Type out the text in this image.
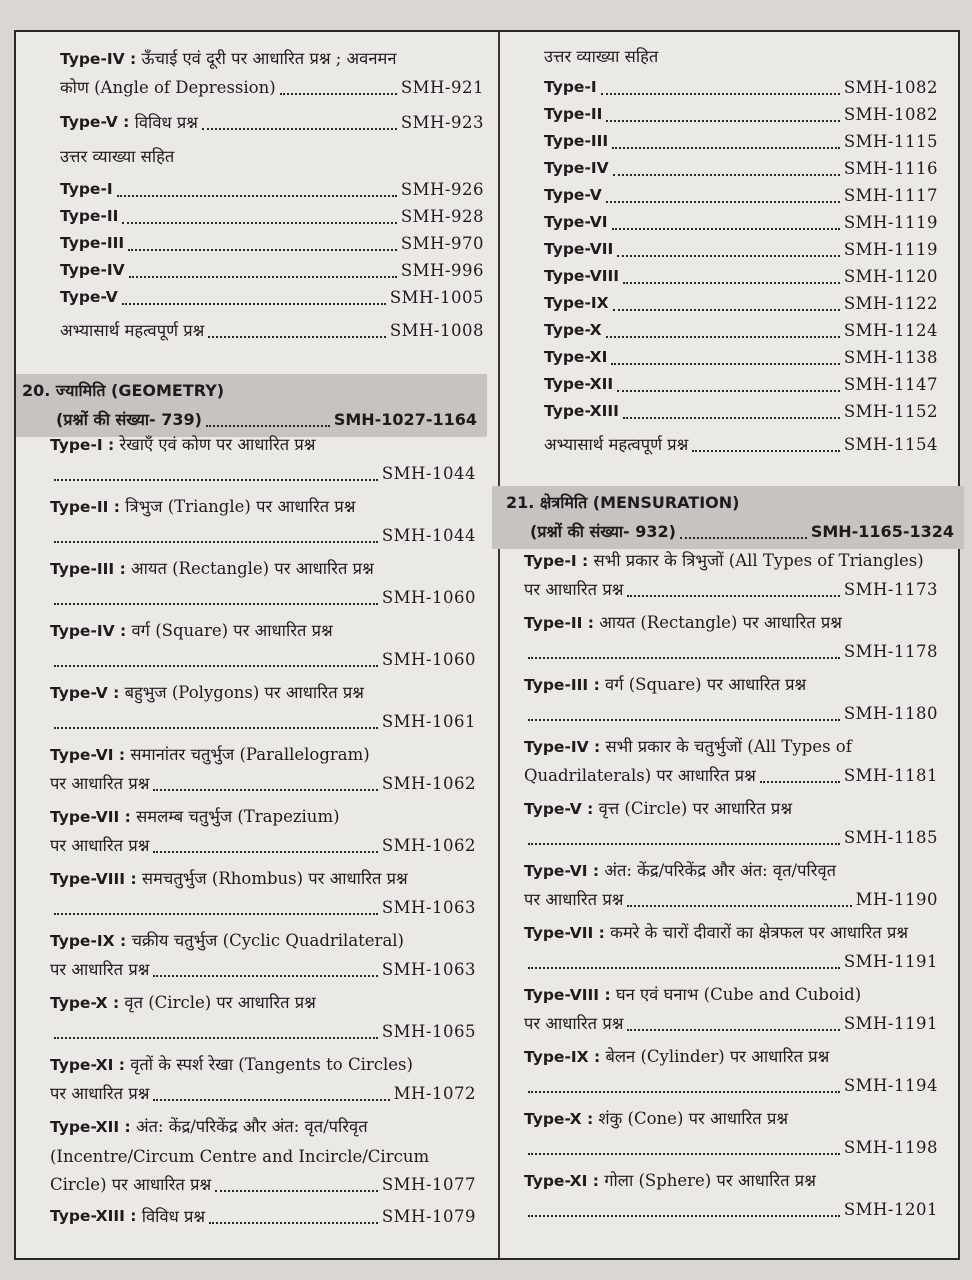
Type-IV : ऊँचाई एवं दूरी पर आधारित प्रश्न ; अवनमन
कोण (Angle of Depression)	SMH-921
Type-V :
विविध प्रश्न	SMH-923
उत्तर व्याख्या सहित
Type-I	SMH-926
Type-II	SMH-928
Type-III	SMH-970
Type-IV	SMH-996
Type-V	SMH-1005
अभ्यासार्थ महत्वपूर्ण प्रश्न	SMH-1008
20. ज्यामिति (GEOMETRY)
(प्रश्नों की संख्या- 739)	SMH-1027-1164
Type-I : रेखाएँ एवं कोण पर आधारित प्रश्न
SMH-1044
Type-II : त्रिभुज (Triangle) पर आधारित प्रश्न
SMH-1044
Type-III : आयत (Rectangle) पर आधारित प्रश्न
SMH-1060
Type-IV : वर्ग (Square) पर आधारित प्रश्न
SMH-1060
Type-V : बहुभुज (Polygons) पर आधारित प्रश्न
SMH-1061
Type-VI : समानांतर चतुर्भुज (Parallelogram)
पर आधारित प्रश्न	SMH-1062
Type-VII : समलम्ब चतुर्भुज (Trapezium)
पर आधारित प्रश्न	SMH-1062
Type-VIII : समचतुर्भुज (Rhombus) पर आधारित प्रश्न
SMH-1063
Type-IX : चक्रीय चतुर्भुज (Cyclic Quadrilateral)
पर आधारित प्रश्न	SMH-1063
Type-X : वृत (Circle) पर आधारित प्रश्न
SMH-1065
Type-XI : वृतों के स्पर्श रेखा (Tangents to Circles)
पर आधारित प्रश्न	MH-1072
Type-XII : अंत: केंद्र/परिकेंद्र और अंत: वृत/परिवृत
(Incentre/Circum Centre and Incircle/Circum
Circle) पर आधारित प्रश्न	SMH-1077
Type-XIII :
विविध प्रश्न	SMH-1079
उत्तर व्याख्या सहित
Type-I	SMH-1082
Type-II	SMH-1082
Type-III	SMH-1115
Type-IV	SMH-1116
Type-V	SMH-1117
Type-VI	SMH-1119
Type-VII	SMH-1119
Type-VIII	SMH-1120
Type-IX	SMH-1122
Type-X	SMH-1124
Type-XI	SMH-1138
Type-XII	SMH-1147
Type-XIII	SMH-1152
अभ्यासार्थ महत्वपूर्ण प्रश्न	SMH-1154
21. क्षेत्रमिति (MENSURATION)
(प्रश्नों की संख्या- 932)	SMH-1165-1324
Type-I : सभी प्रकार के त्रिभुजों (All Types of Triangles)
पर आधारित प्रश्न	SMH-1173
Type-II : आयत (Rectangle) पर आधारित प्रश्न
SMH-1178
Type-III : वर्ग (Square) पर आधारित प्रश्न
SMH-1180
Type-IV : सभी प्रकार के चतुर्भुजों (All Types of
Quadrilaterals) पर आधारित प्रश्न	SMH-1181
Type-V : वृत्त (Circle) पर आधारित प्रश्न
SMH-1185
Type-VI : अंत: केंद्र/परिकेंद्र और अंत: वृत/परिवृत
पर आधारित प्रश्न	MH-1190
Type-VII : कमरे के चारों दीवारों का क्षेत्रफल पर आधारित प्रश्न
SMH-1191
Type-VIII : घन एवं घनाभ (Cube and Cuboid)
पर आधारित प्रश्न	SMH-1191
Type-IX : बेलन (Cylinder) पर आधारित प्रश्न
SMH-1194
Type-X : शंकु (Cone) पर आधारित प्रश्न
SMH-1198
Type-XI : गोला (Sphere) पर आधारित प्रश्न
SMH-1201
